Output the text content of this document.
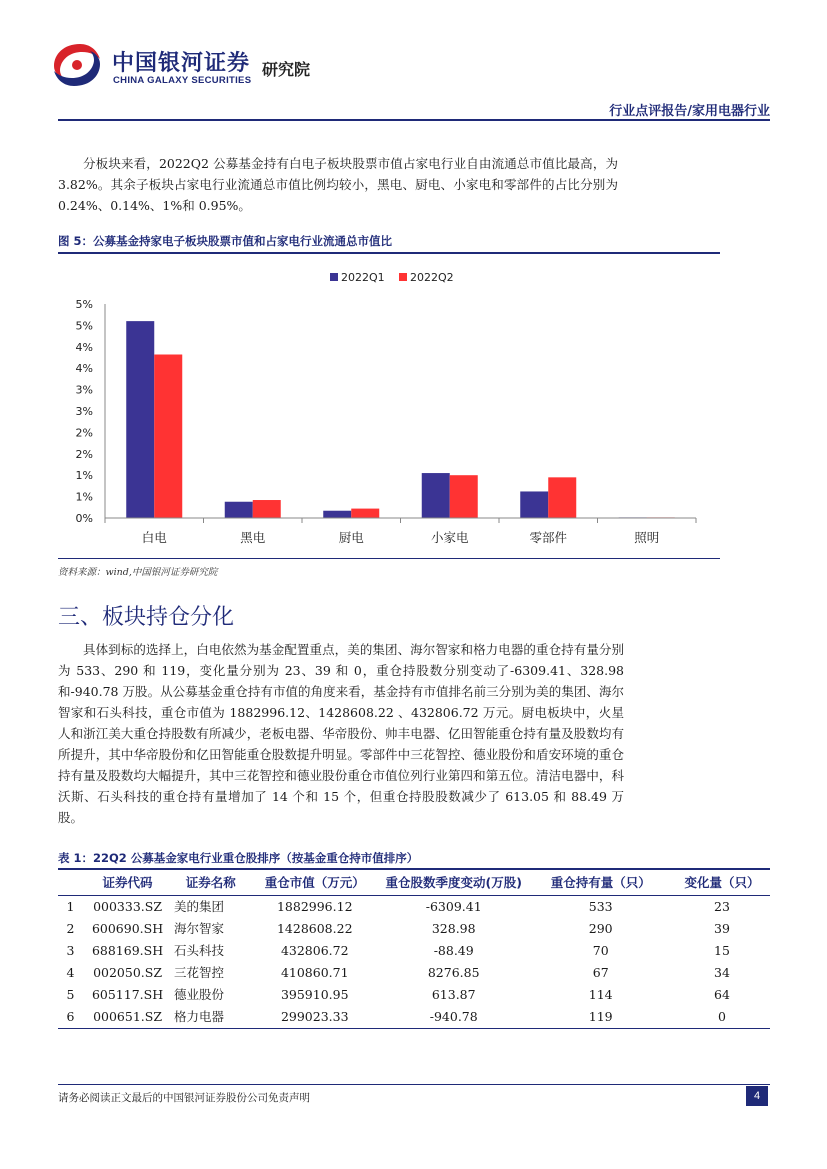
中国银河证券
CHINA GALAXY SECURITIES
研究院
行业点评报告/家用电器行业
分板块来看，2022Q2 公募基金持有白电子板块股票市值占家电行业自由流通总市值比最高，为 3.82%。其余子板块占家电行业流通总市值比例均较小，黑电、厨电、小家电和零部件的占比分别为 0.24%、0.14%、1%和 0.95%。
图 5：公募基金持家电子板块股票市值和占家电行业流通总市值比
2022Q1 2022Q2
0%
1%
1%
2%
2%
3%
3%
4%
4%
5%
5%
白电	黑电	厨电	小家电	零部件	照明
资料来源：wind,中国银河证券研究院
三、板块持仓分化
具体到标的选择上，白电依然为基金配置重点，美的集团、海尔智家和格力电器的重仓持有量分别为 533、290 和 119，变化量分别为 23、39 和 0，重仓持股数分别变动了-6309.41、328.98 和-940.78 万股。从公募基金重仓持有市值的角度来看，基金持有市值排名前三分别为美的集团、海尔智家和石头科技，重仓市值为 1882996.12、1428608.22 、432806.72 万元。厨电板块中，火星人和浙江美大重仓持股数有所减少，老板电器、华帝股份、帅丰电器、亿田智能重仓持有量及股数均有所提升，其中华帝股份和亿田智能重仓股数提升明显。零部件中三花智控、德业股份和盾安环境的重仓持有量及股数均大幅提升，其中三花智控和德业股份重仓市值位列行业第四和第五位。清洁电器中，科沃斯、石头科技的重仓持有量增加了 14 个和 15 个，但重仓持股股数减少了 613.05 和 88.49 万股。
表 1：22Q2 公募基金家电行业重仓股排序（按基金重仓持市值排序）
	证券代码	证券名称	重仓市值（万元）	重仓股数季度变动(万股)	重仓持有量（只）	变化量（只）
1	000333.SZ	美的集团	1882996.12	-6309.41	533	23
2	600690.SH	海尔智家	1428608.22	328.98	290	39
3	688169.SH	石头科技	432806.72	-88.49	70	15
4	002050.SZ	三花智控	410860.71	8276.85	67	34
5	605117.SH	德业股份	395910.95	613.87	114	64
6	000651.SZ	格力电器	299023.33	-940.78	119	0
请务必阅读正文最后的中国银河证券股份公司免责声明	4
